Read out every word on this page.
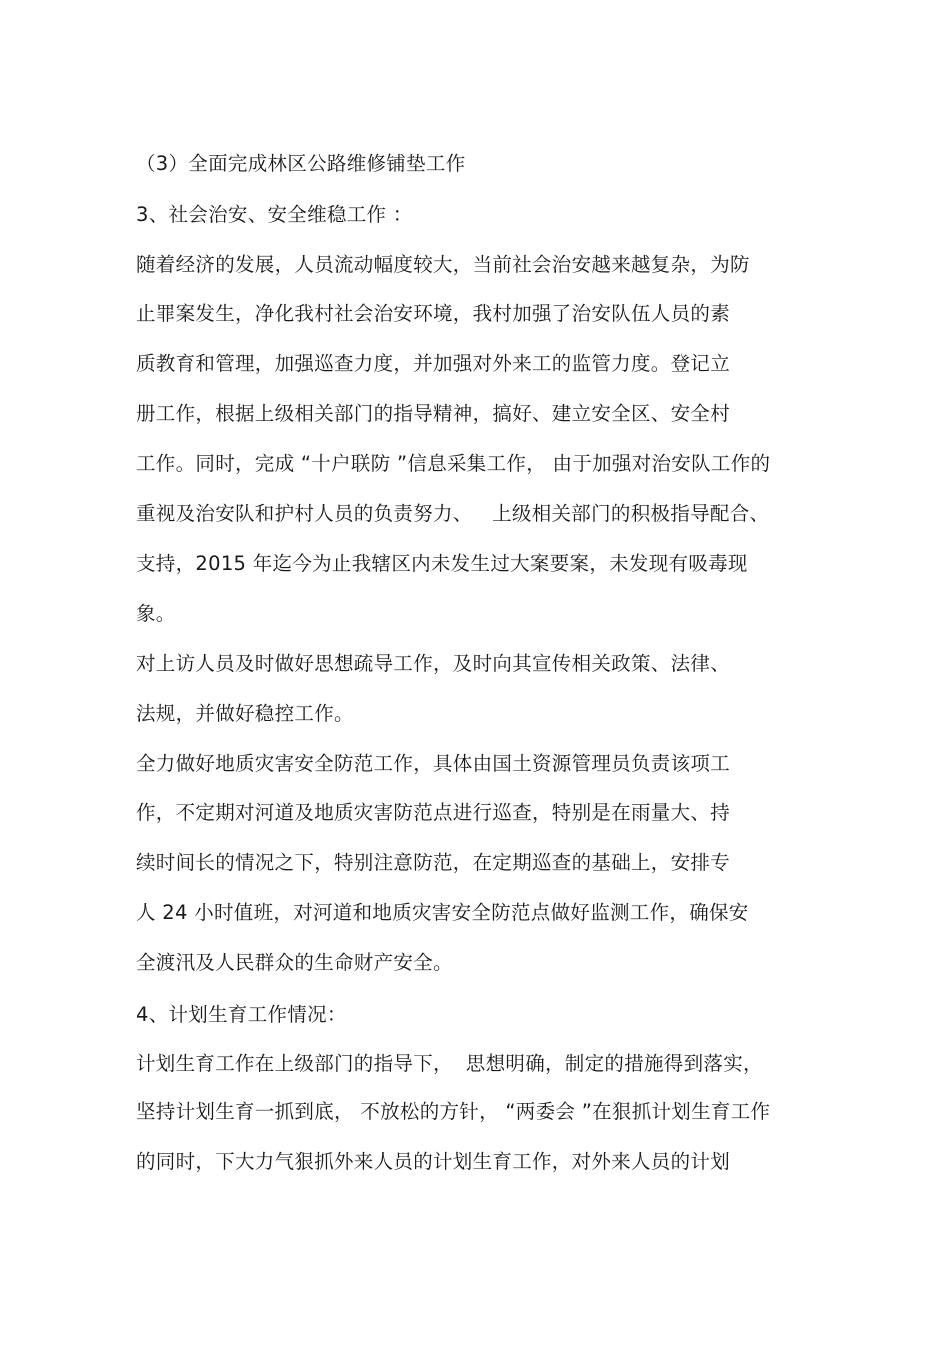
（3）全面完成林区公路维修铺垫工作
3、社会治安、安全维稳工作 ：
随着经济的发展，人员流动幅度较大，当前社会治安越来越复杂，为防
止罪案发生，净化我村社会治安环境，我村加强了治安队伍人员的素
质教育和管理，加强巡查力度，并加强对外来工的监管力度。登记立
册工作，根据上级相关部门的指导精神，搞好、建立安全区、安全村
工作。同时，完成 “十户联防 ”信息采集工作， 由于加强对治安队工作的
重视及治安队和护村人员的负责努力、   上级相关部门的积极指导配合、
支持，2015 年迄今为止我辖区内未发生过大案要案，未发现有吸毒现
象。
对上访人员及时做好思想疏导工作，及时向其宣传相关政策、法律、
法规，并做好稳控工作。
全力做好地质灾害安全防范工作，具体由国土资源管理员负责该项工
作，不定期对河道及地质灾害防范点进行巡查，特别是在雨量大、持
续时间长的情况之下，特别注意防范，在定期巡查的基础上，安排专
人 24 小时值班，对河道和地质灾害安全防范点做好监测工作，确保安
全渡汛及人民群众的生命财产安全。
4、计划生育工作情况：
计划生育工作在上级部门的指导下，  思想明确，制定的措施得到落实，
坚持计划生育一抓到底， 不放松的方针， “两委会 ”在狠抓计划生育工作
的同时，下大力气狠抓外来人员的计划生育工作，对外来人员的计划
